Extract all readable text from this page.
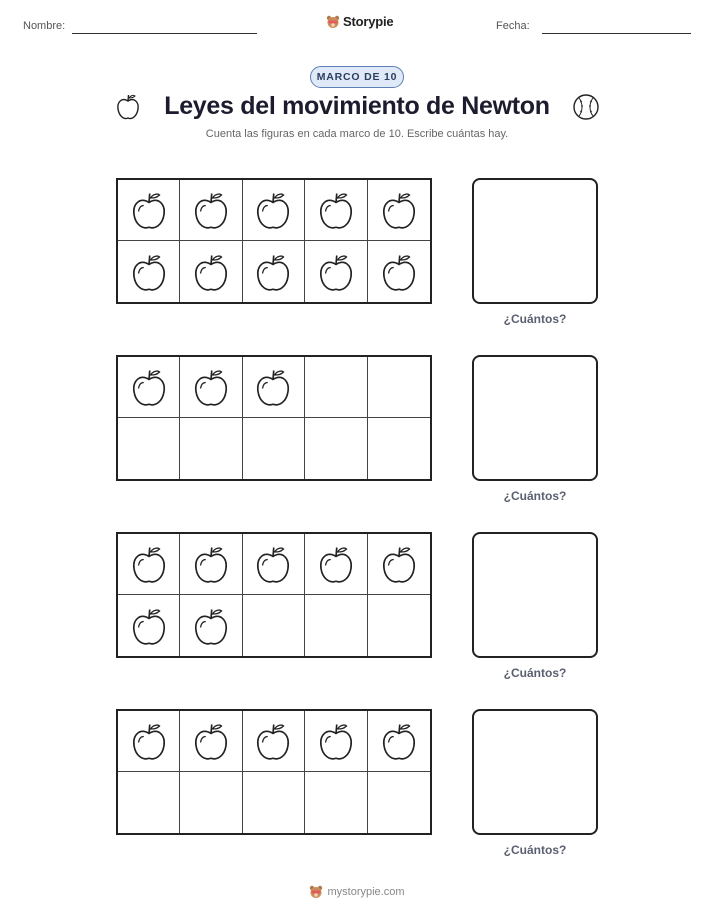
Nombre:	Storypie	Fecha:
MARCO DE 10
Leyes del movimiento de Newton
Cuenta las figuras en cada marco de 10. Escribe cuántas hay.
¿Cuántos?
¿Cuántos?
¿Cuántos?
¿Cuántos?
mystorypie.com
